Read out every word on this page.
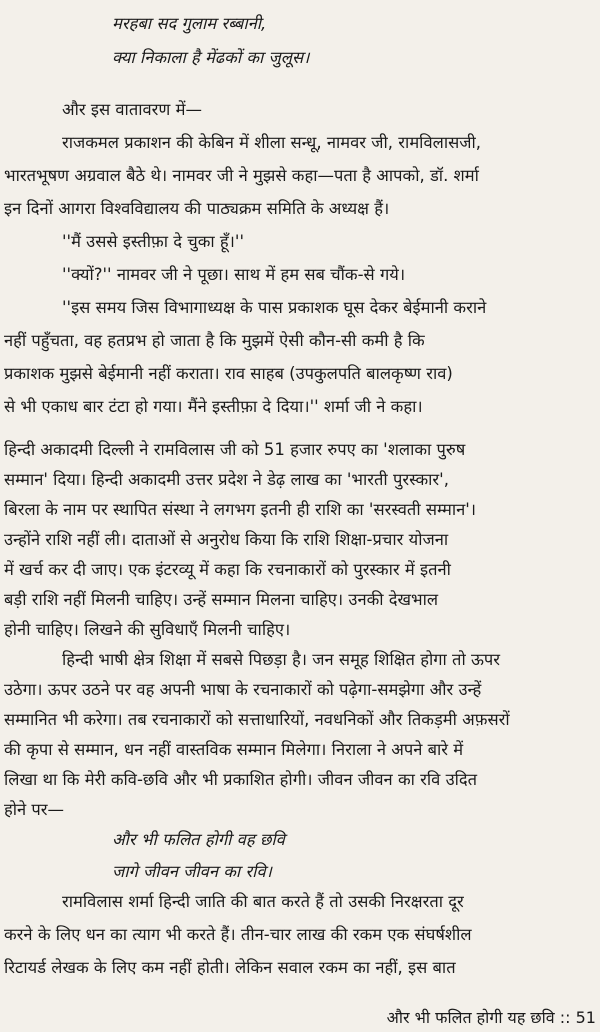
मरहबा सद गुलाम रब्बानी,
क्या निकाला है मेंढकों का जुलूस।
और इस वातावरण में—
राजकमल प्रकाशन की केबिन में शीला सन्धू, नामवर जी, रामविलासजी,
भारतभूषण अग्रवाल बैठे थे। नामवर जी ने मुझसे कहा—पता है आपको, डॉ. शर्मा
इन दिनों आगरा विश्वविद्यालय की पाठ्यक्रम समिति के अध्यक्ष हैं।
''मैं उससे इस्तीफ़ा दे चुका हूँ।''
''क्यों?'' नामवर जी ने पूछा। साथ में हम सब चौंक-से गये।
''इस समय जिस विभागाध्यक्ष के पास प्रकाशक घूस देकर बेईमानी कराने
नहीं पहुँचता, वह हतप्रभ हो जाता है कि मुझमें ऐसी कौन-सी कमी है कि
प्रकाशक मुझसे बेईमानी नहीं कराता। राव साहब (उपकुलपति बालकृष्ण राव)
से भी एकाध बार टंटा हो गया। मैंने इस्तीफ़ा दे दिया।'' शर्मा जी ने कहा।
हिन्दी अकादमी दिल्ली ने रामविलास जी को 51 हजार रुपए का 'शलाका पुरुष
सम्मान' दिया। हिन्दी अकादमी उत्तर प्रदेश ने डेढ़ लाख का 'भारती पुरस्कार',
बिरला के नाम पर स्थापित संस्था ने लगभग इतनी ही राशि का 'सरस्वती सम्मान'।
उन्होंने राशि नहीं ली। दाताओं से अनुरोध किया कि राशि शिक्षा-प्रचार योजना
में खर्च कर दी जाए। एक इंटरव्यू में कहा कि रचनाकारों को पुरस्कार में इतनी
बड़ी राशि नहीं मिलनी चाहिए। उन्हें सम्मान मिलना चाहिए। उनकी देखभाल
होनी चाहिए। लिखने की सुविधाएँ मिलनी चाहिए।
हिन्दी भाषी क्षेत्र शिक्षा में सबसे पिछड़ा है। जन समूह शिक्षित होगा तो ऊपर
उठेगा। ऊपर उठने पर वह अपनी भाषा के रचनाकारों को पढ़ेगा-समझेगा और उन्हें
सम्मानित भी करेगा। तब रचनाकारों को सत्ताधारियों, नवधनिकों और तिकड़मी अफ़सरों
की कृपा से सम्मान, धन नहीं वास्तविक सम्मान मिलेगा। निराला ने अपने बारे में
लिखा था कि मेरी कवि-छवि और भी प्रकाशित होगी। जीवन जीवन का रवि उदित
होने पर—
और भी फलित होगी वह छवि
जागे जीवन जीवन का रवि।
रामविलास शर्मा हिन्दी जाति की बात करते हैं तो उसकी निरक्षरता दूर
करने के लिए धन का त्याग भी करते हैं। तीन-चार लाख की रकम एक संघर्षशील
रिटायर्ड लेखक के लिए कम नहीं होती। लेकिन सवाल रकम का नहीं, इस बात
और भी फलित होगी यह छवि :: 51
